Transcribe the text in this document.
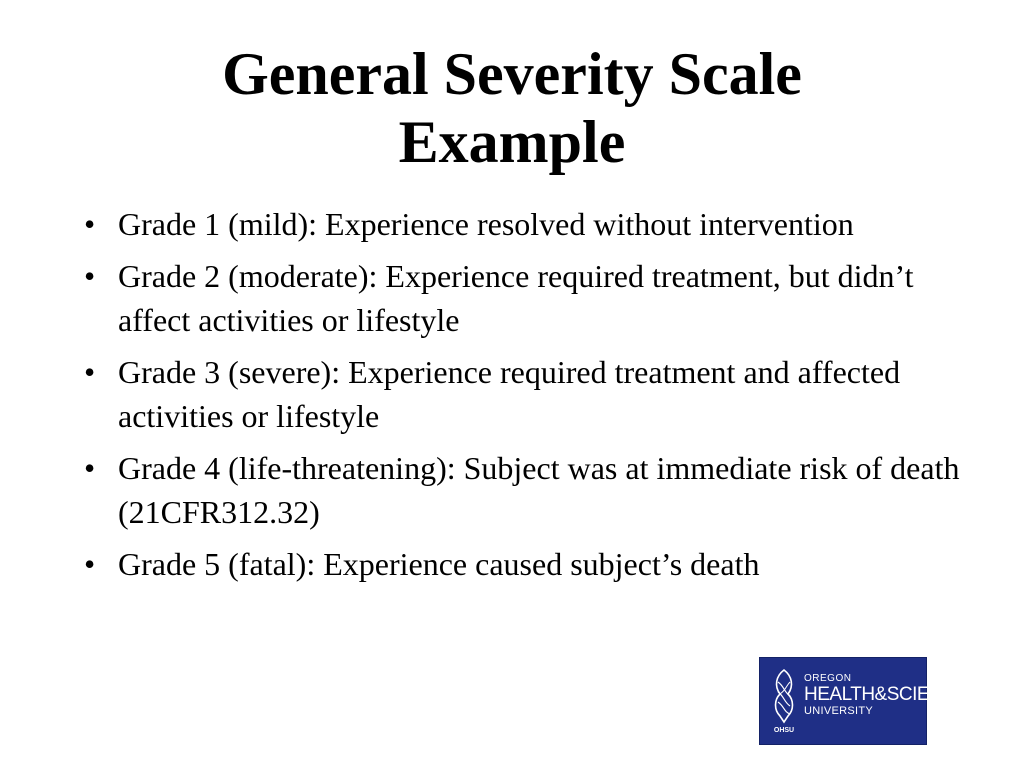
General Severity Scale
Example
• Grade 1 (mild): Experience resolved without intervention
• Grade 2 (moderate): Experience required treatment, but didn’t affect activities or lifestyle
• Grade 3 (severe): Experience required treatment and affected activities or lifestyle
• Grade 4 (life-threatening): Subject was at immediate risk of death (21CFR312.32)
• Grade 5 (fatal): Experience caused subject’s death
OHSU
OREGON
HEALTH&SCIENCE
UNIVERSITY
